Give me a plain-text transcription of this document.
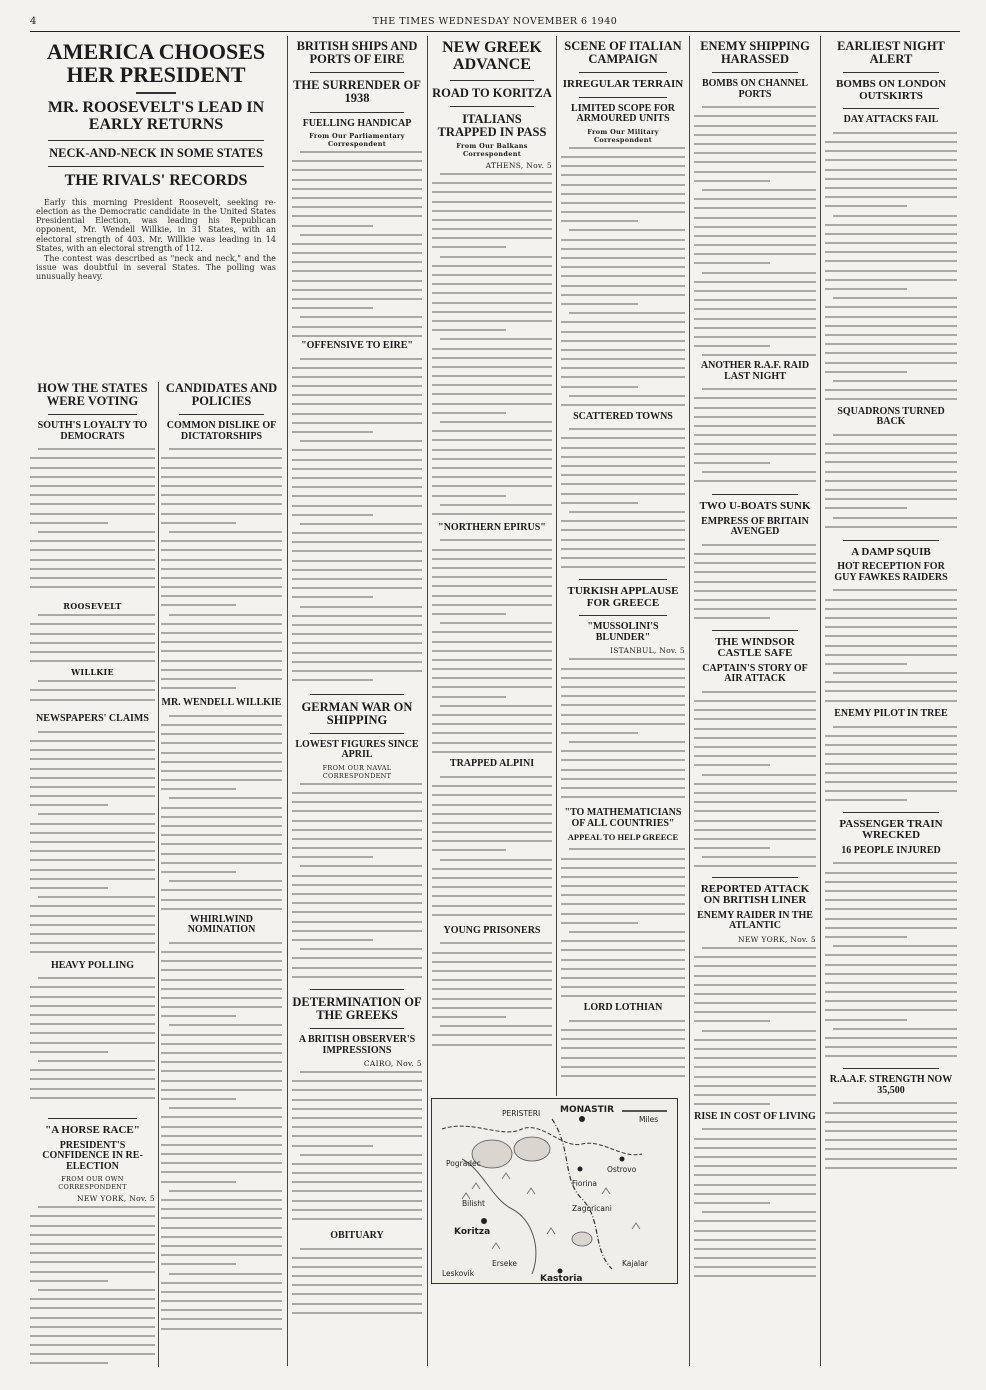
4	THE TIMES WEDNESDAY NOVEMBER 6 1940
AMERICA CHOOSES HER PRESIDENT
MR. ROOSEVELT'S LEAD IN EARLY RETURNS
NECK-AND-NECK IN SOME STATES
THE RIVALS' RECORDS

Early this morning President Roosevelt, seeking re-election as the Democratic candidate in the United States Presidential Election, was leading his Republican opponent, Mr. Wendell Willkie, in 31 States, with an electoral strength of 403. Mr. Willkie was leading in 14 States, with an electoral strength of 112.

The contest was described as "neck and neck," and the issue was doubtful in several States. The polling was unusually heavy.

HOW THE STATES WERE VOTING
SOUTH'S LOYALTY TO DEMOCRATS
ROOSEVELT
WILLKIE
NEWSPAPERS' CLAIMS
HEAVY POLLING
"A HORSE RACE"
PRESIDENT'S CONFIDENCE IN RE-ELECTION
FROM OUR OWN CORRESPONDENT
NEW YORK, Nov. 5
CANDIDATES AND POLICIES
COMMON DISLIKE OF DICTATORSHIPS
MR. WENDELL WILLKIE
WHIRLWIND NOMINATION
BRITISH SHIPS AND PORTS OF EIRE
THE SURRENDER OF 1938
FUELLING HANDICAP
From Our Parliamentary Correspondent
"OFFENSIVE TO EIRE"
GERMAN WAR ON SHIPPING
LOWEST FIGURES SINCE APRIL
FROM OUR NAVAL CORRESPONDENT
DETERMINATION OF THE GREEKS
A BRITISH OBSERVER'S IMPRESSIONS
CAIRO, Nov. 5
OBITUARY
NEW GREEK ADVANCE
ROAD TO KORITZA
ITALIANS TRAPPED IN PASS
From Our Balkans Correspondent
ATHENS, Nov. 5
"NORTHERN EPIRUS"
TRAPPED ALPINI
YOUNG PRISONERS
SCENE OF ITALIAN CAMPAIGN
IRREGULAR TERRAIN
LIMITED SCOPE FOR ARMOURED UNITS
From Our Military Correspondent
SCATTERED TOWNS
TURKISH APPLAUSE FOR GREECE
"MUSSOLINI'S BLUNDER"
ISTANBUL, Nov. 5
"TO MATHEMATICIANS OF ALL COUNTRIES"
APPEAL TO HELP GREECE
LORD LOTHIAN
MONASTIR
Miles
PERISTERI
Fiorina
Koritza
Kastoria
Ostrovo
Bilisht
Pogradec
Zagoricani
Erseke
Leskovik
Kajalar
ENEMY SHIPPING HARASSED
BOMBS ON CHANNEL PORTS
ANOTHER R.A.F. RAID LAST NIGHT
TWO U-BOATS SUNK
EMPRESS OF BRITAIN AVENGED
THE WINDSOR CASTLE SAFE
CAPTAIN'S STORY OF AIR ATTACK
REPORTED ATTACK ON BRITISH LINER
ENEMY RAIDER IN THE ATLANTIC
NEW YORK, Nov. 5
RISE IN COST OF LIVING
EARLIEST NIGHT ALERT
BOMBS ON LONDON OUTSKIRTS
DAY ATTACKS FAIL
SQUADRONS TURNED BACK
A DAMP SQUIB
HOT RECEPTION FOR GUY FAWKES RAIDERS
ENEMY PILOT IN TREE
PASSENGER TRAIN WRECKED
16 PEOPLE INJURED
R.A.A.F. STRENGTH NOW 35,500
